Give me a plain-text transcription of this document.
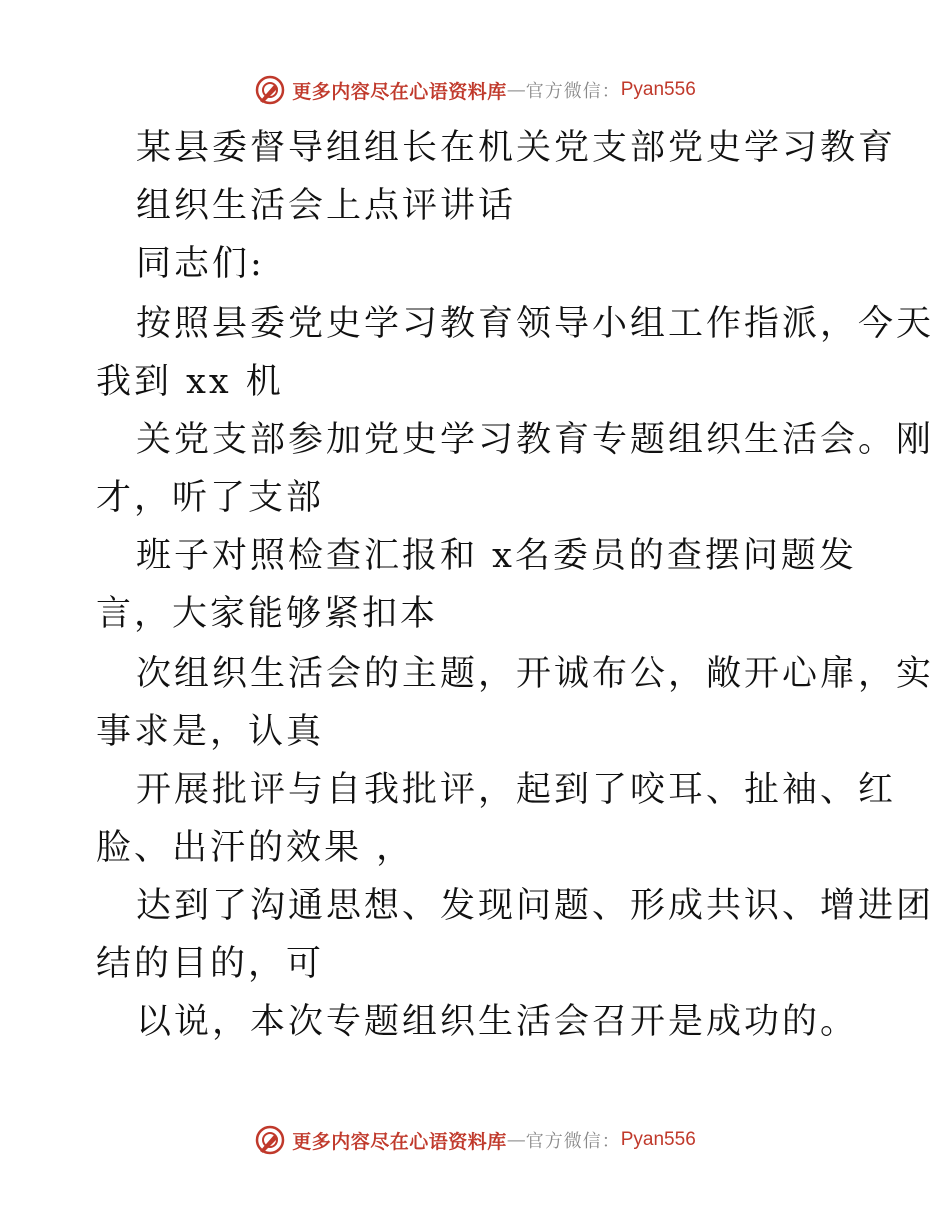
更多内容尽在心语资料库 — 官方微信： Pyan556
某县委督导组组长在机关党支部党史学习教育
组织生活会上点评讲话
同志们:
按照县委党史学习教育领导小组工作指派，今天
我到 xx 机
关党支部参加党史学习教育专题组织生活会。刚
才，听了支部
班子对照检查汇报和 x名委员的查摆问题发
言，大家能够紧扣本
次组织生活会的主题，开诚布公，敞开心扉，实
事求是，认真
开展批评与自我批评，起到了咬耳、扯袖、红
脸、出汗的效果 ，
达到了沟通思想、发现问题、形成共识、增进团
结的目的，可
以说，本次专题组织生活会召开是成功的。
更多内容尽在心语资料库 — 官方微信： Pyan556
